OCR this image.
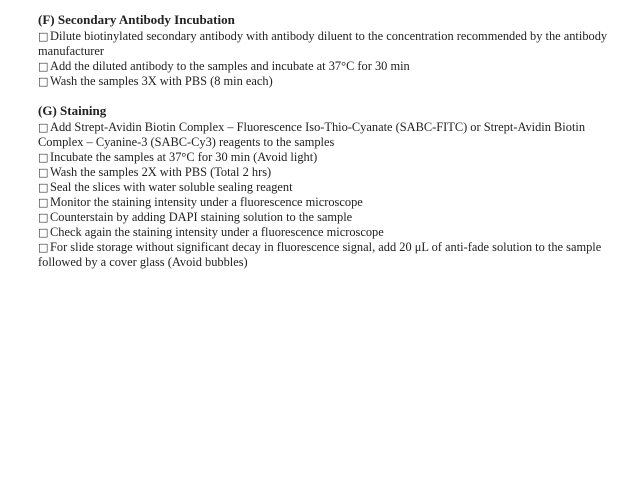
(F) Secondary Antibody Incubation
□ Dilute biotinylated secondary antibody with antibody diluent to the concentration recommended by the antibody manufacturer
□ Add the diluted antibody to the samples and incubate at 37°C for 30 min
□ Wash the samples 3X with PBS (8 min each)
(G) Staining
□ Add Strept-Avidin Biotin Complex – Fluorescence Iso-Thio-Cyanate (SABC-FITC) or Strept-Avidin Biotin Complex – Cyanine-3 (SABC-Cy3) reagents to the samples
□ Incubate the samples at 37°C for 30 min (Avoid light)
□ Wash the samples 2X with PBS (Total 2 hrs)
□ Seal the slices with water soluble sealing reagent
□ Monitor the staining intensity under a fluorescence microscope
□ Counterstain by adding DAPI staining solution to the sample
□ Check again the staining intensity under a fluorescence microscope
□ For slide storage without significant decay in fluorescence signal, add 20 μL of anti-fade solution to the sample followed by a cover glass (Avoid bubbles)
